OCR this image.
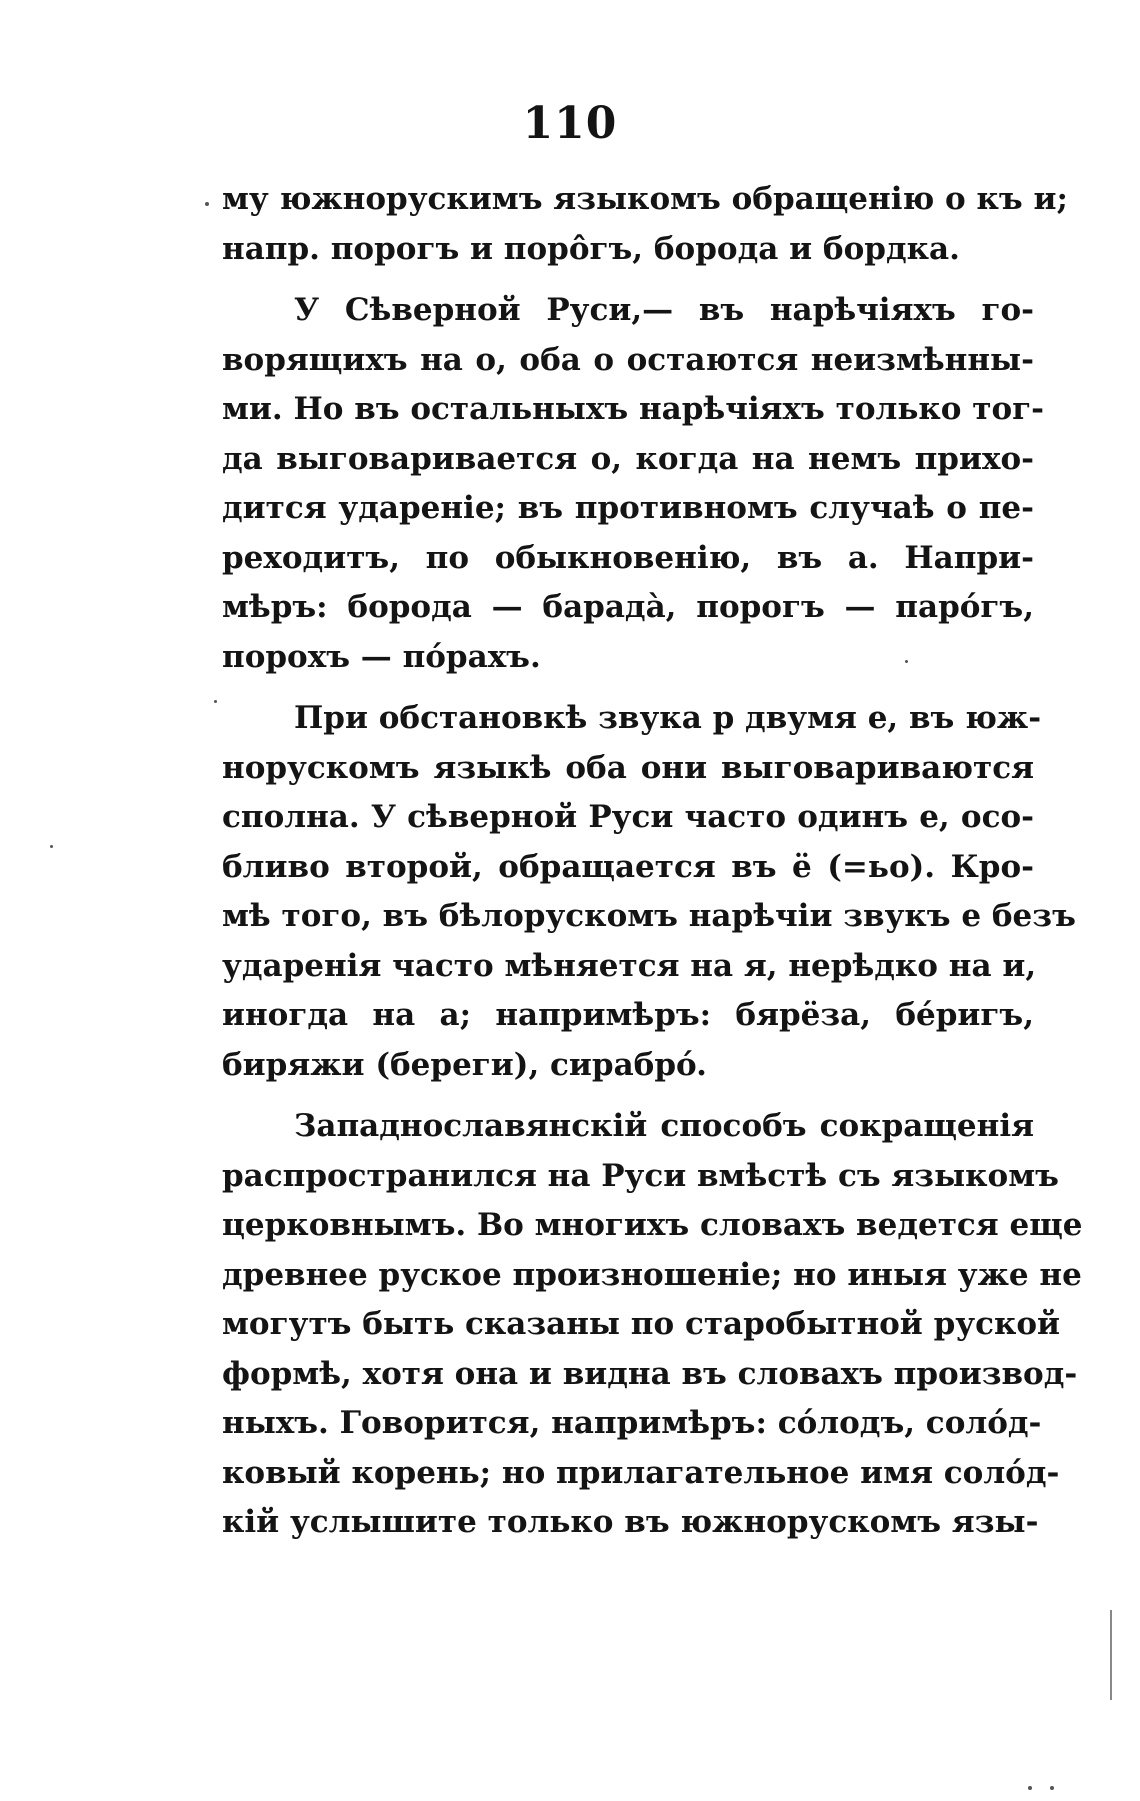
110
му южнорускимъ языкомъ обращенію о къ и;
напр. порогъ и порôгъ, борода и бордка.
У Сѣверной Руси,— въ нарѣчіяхъ го-
ворящихъ на о, оба о остаются неизмѣнны-
ми. Но въ остальныхъ нарѣчіяхъ только тог-
да выговаривается о, когда на немъ прихо-
дится удареніе; въ противномъ случаѣ о пе-
реходитъ, по обыкновенію, въ а. Напри-
мѣръ: борода — барада̀, порогъ — парóгъ,
порохъ — пóрахъ.
При обстановкѣ звука р двумя е, въ юж-
норускомъ языкѣ оба они выговариваются
сполна. У сѣверной Руси часто одинъ е, осо-
бливо второй, обращается въ ё (=ьо). Кро-
мѣ того, въ бѣлорускомъ нарѣчіи звукъ е безъ
ударенія часто мѣняется на я, нерѣдко на и,
иногда на а; напримѣръ: бярёза, бéригъ,
биряжи (береги), сирабрó.
Западнославянскій способъ сокращенія
распространился на Руси вмѣстѣ съ языкомъ
церковнымъ. Во многихъ словахъ ведется еще
древнее руское произношеніе; но иныя уже не
могутъ быть сказаны по старобытной руской
формѣ, хотя она и видна въ словахъ производ-
ныхъ. Говорится, напримѣръ: сóлодъ, солóд-
ковый корень; но прилагательное имя солóд-
кій услышите только въ южнорускомъ язы-
